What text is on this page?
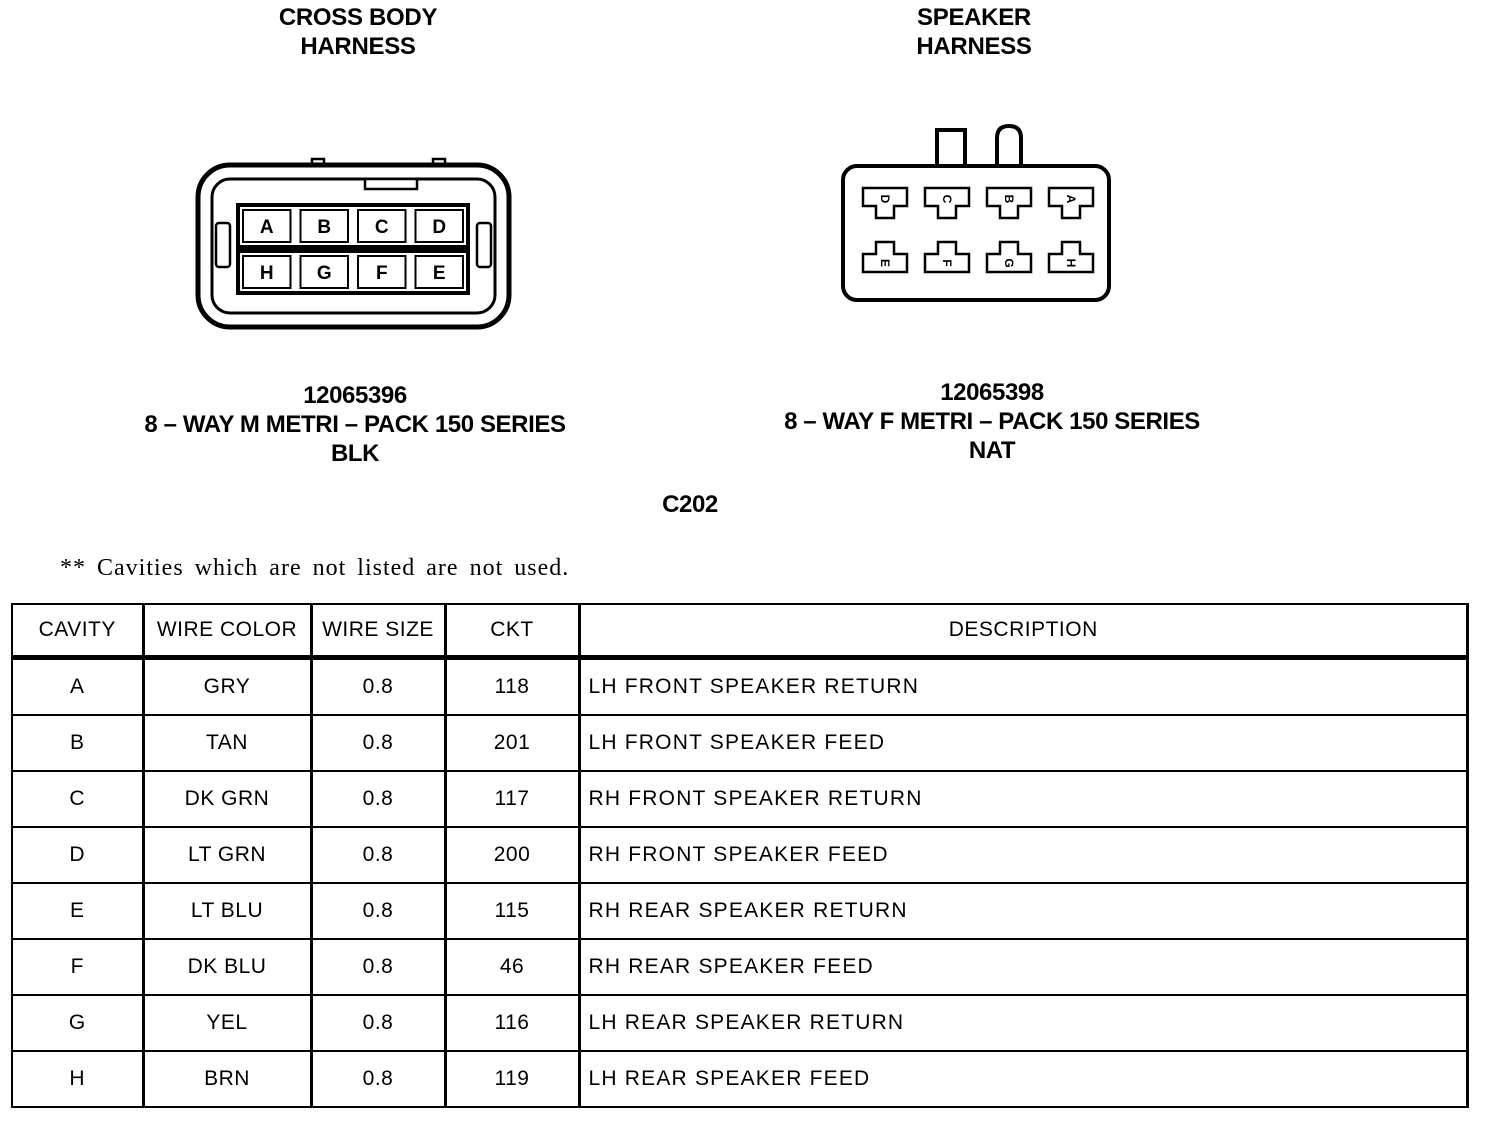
CROSS BODY
HARNESS
SPEAKER
HARNESS
A B C D
H G F E
D	C	B	A
E	F	G	H
12065396
8 – WAY M METRI – PACK 150 SERIES
BLK
12065398
8 – WAY F METRI – PACK 150 SERIES
NAT
C202
** Cavities which are not listed are not used.
CAVITY	WIRE COLOR	WIRE SIZE	CKT	DESCRIPTION
A	GRY	0.8	118	LH FRONT SPEAKER RETURN
B	TAN	0.8	201	LH FRONT SPEAKER FEED
C	DK GRN	0.8	117	RH FRONT SPEAKER RETURN
D	LT GRN	0.8	200	RH FRONT SPEAKER FEED
E	LT BLU	0.8	115	RH REAR SPEAKER RETURN
F	DK BLU	0.8	46	RH REAR SPEAKER FEED
G	YEL	0.8	116	LH REAR SPEAKER RETURN
H	BRN	0.8	119	LH REAR SPEAKER FEED
